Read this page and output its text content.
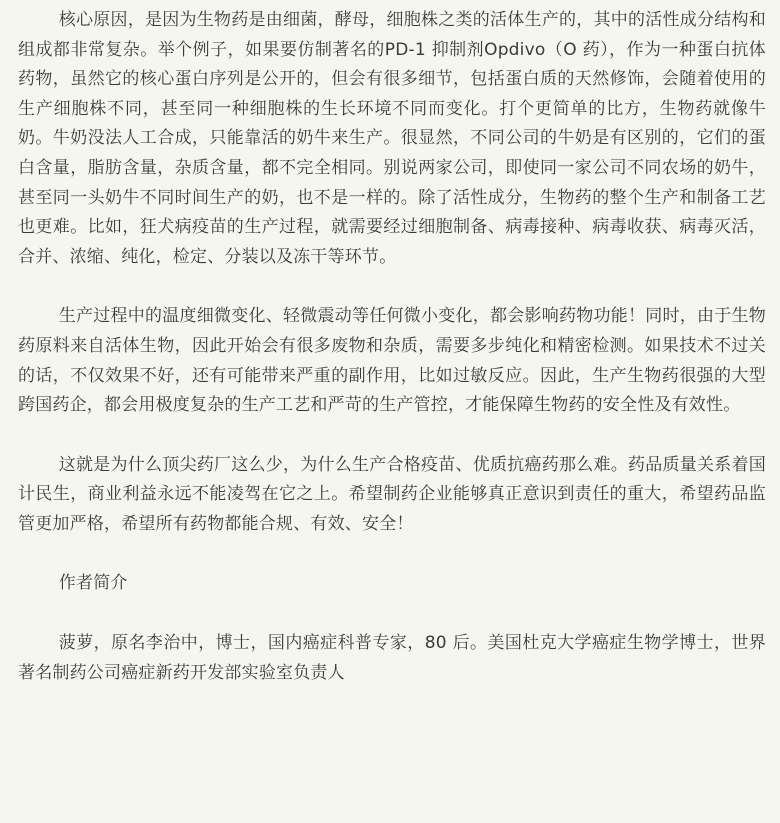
核心原因，是因为生物药是由细菌，酵母，细胞株之类的活体生产的，其中的活性成分结构和组成都非常复杂。举个例子，如果要仿制著名的PD-1 抑制剂Opdivo（O 药），作为一种蛋白抗体药物，虽然它的核心蛋白序列是公开的，但会有很多细节，包括蛋白质的天然修饰，会随着使用的生产细胞株不同，甚至同一种细胞株的生长环境不同而变化。打个更简单的比方，生物药就像牛奶。牛奶没法人工合成，只能靠活的奶牛来生产。很显然，不同公司的牛奶是有区别的，它们的蛋白含量，脂肪含量，杂质含量，都不完全相同。别说两家公司，即使同一家公司不同农场的奶牛，甚至同一头奶牛不同时间生产的奶，也不是一样的。除了活性成分，生物药的整个生产和制备工艺也更难。比如，狂犬病疫苗的生产过程，就需要经过细胞制备、病毒接种、病毒收获、病毒灭活，合并、浓缩、纯化，检定、分装以及冻干等环节。

生产过程中的温度细微变化、轻微震动等任何微小变化，都会影响药物功能！同时，由于生物药原料来自活体生物，因此开始会有很多废物和杂质，需要多步纯化和精密检测。如果技术不过关的话，不仅效果不好，还有可能带来严重的副作用，比如过敏反应。因此，生产生物药很强的大型跨国药企，都会用极度复杂的生产工艺和严苛的生产管控，才能保障生物药的安全性及有效性。

这就是为什么顶尖药厂这么少，为什么生产合格疫苗、优质抗癌药那么难。药品质量关系着国计民生，商业利益永远不能凌驾在它之上。希望制药企业能够真正意识到责任的重大，希望药品监管更加严格，希望所有药物都能合规、有效、安全！

作者简介

菠萝，原名李治中，博士，国内癌症科普专家，80 后。美国杜克大学癌症生物学博士，世界著名制药公司癌症新药开发部实验室负责人
